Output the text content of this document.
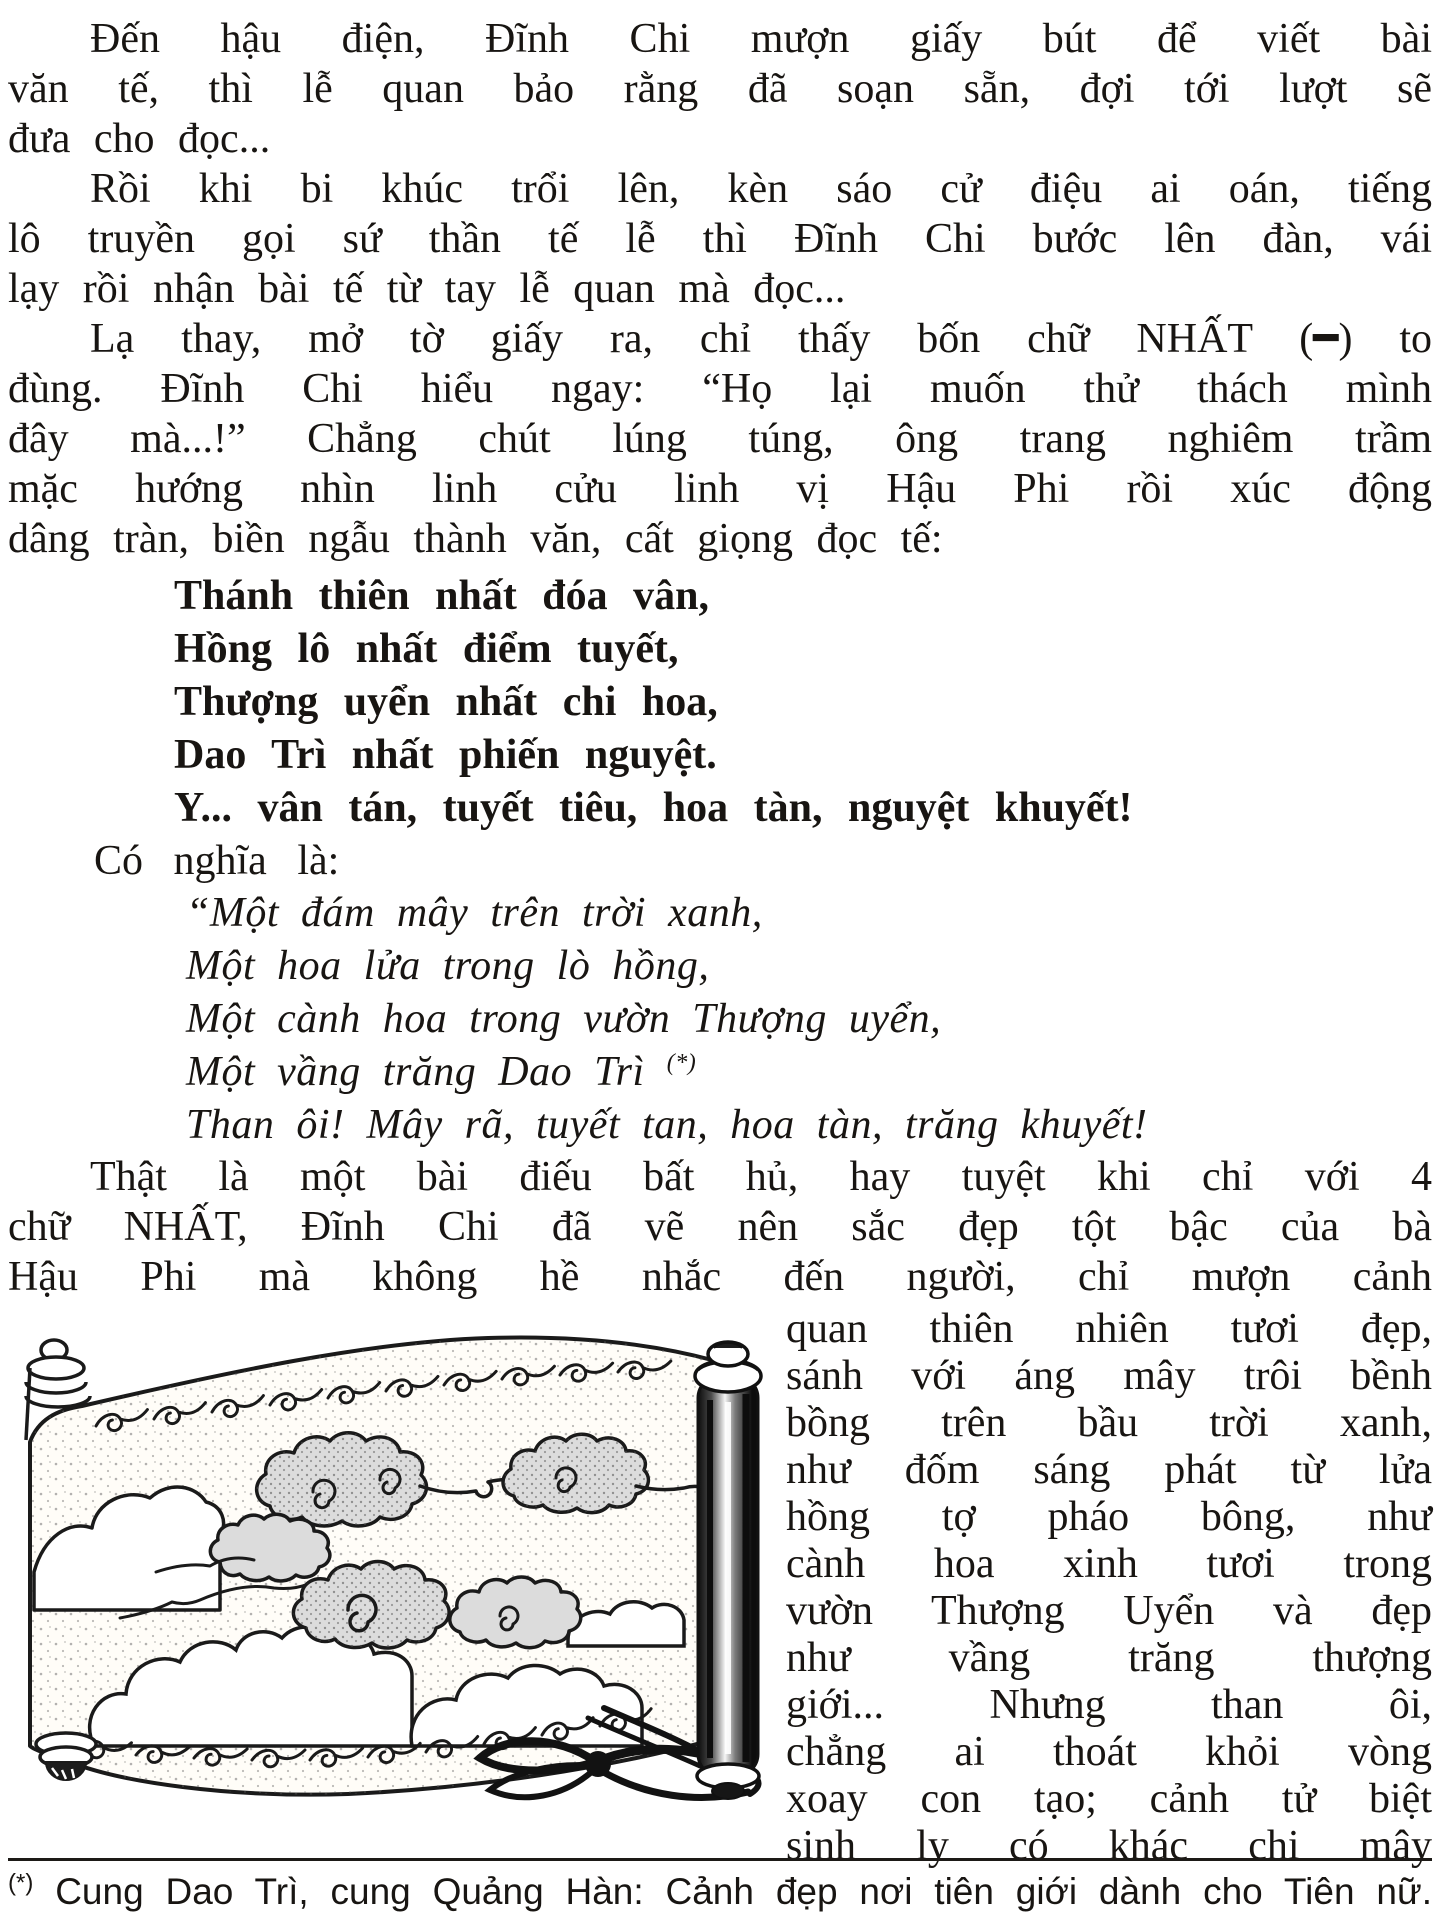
Đến hậu điện, Đĩnh Chi mượn giấy bút để viết bài
văn tế, thì lễ quan bảo rằng đã soạn sẵn, đợi tới lượt sẽ
đưa cho đọc...
Rồi khi bi khúc trổi lên, kèn sáo cử điệu ai oán, tiếng
lô truyền gọi sứ thần tế lễ thì Đĩnh Chi bước lên đàn, vái
lạy rồi nhận bài tế từ tay lễ quan mà đọc...
Lạ thay, mở tờ giấy ra, chỉ thấy bốn chữ NHẤT (━) to
đùng. Đĩnh Chi hiểu ngay: “Họ lại muốn thử thách mình
đây mà...!” Chẳng chút lúng túng, ông trang nghiêm trầm
mặc hướng nhìn linh cửu linh vị Hậu Phi rồi xúc động
dâng tràn, biền ngẫu thành văn, cất giọng đọc tế:
Thánh thiên nhất đóa vân,
Hồng lô nhất điểm tuyết,
Thượng uyển nhất chi hoa,
Dao Trì nhất phiến nguyệt.
Y... vân tán, tuyết tiêu, hoa tàn, nguyệt khuyết!
Có nghĩa là:
“Một đám mây trên trời xanh,
Một hoa lửa trong lò hồng,
Một cành hoa trong vườn Thượng uyển,
Một vầng trăng Dao Trì (*)
Than ôi! Mây rã, tuyết tan, hoa tàn, trăng khuyết!
Thật là một bài điếu bất hủ, hay tuyệt khi chỉ với 4
chữ NHẤT, Đĩnh Chi đã vẽ nên sắc đẹp tột bậc của bà
Hậu Phi mà không hề nhắc đến người, chỉ mượn cảnh
quan thiên nhiên tươi đẹp,
sánh với áng mây trôi bềnh
bồng trên bầu trời xanh,
như đốm sáng phát từ lửa
hồng tợ pháo bông, như
cành hoa xinh tươi trong
vườn Thượng Uyển và đẹp
như vầng trăng thượng
giới... Nhưng than ôi,
chẳng ai thoát khỏi vòng
xoay con tạo; cảnh tử biệt
sinh ly có khác chi mây
(*) Cung Dao Trì, cung Quảng Hàn: Cảnh đẹp nơi tiên giới dành cho Tiên nữ.
